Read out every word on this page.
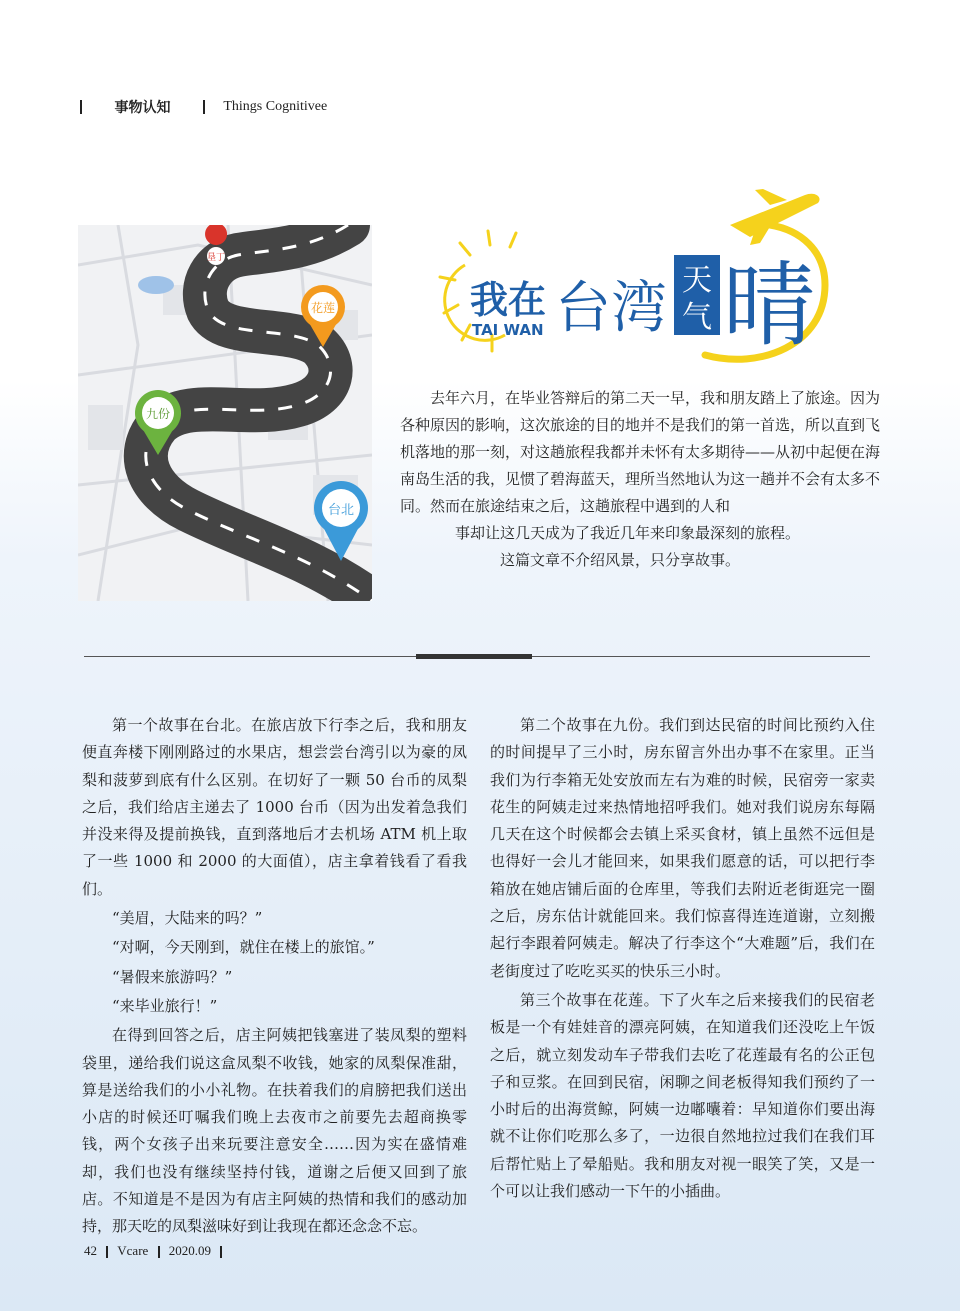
事物认知	Things Cognitivee
垦丁
花莲
九份
台北
我在
TAI WAN 台湾 天
气 晴

去年六月，在毕业答辩后的第二天一早，我和朋友踏上了旅途。因为各种原因的影响，这次旅途的目的地并不是我们的第一首选，所以直到飞机落地的那一刻，对这趟旅程我都并未怀有太多期待——从初中起便在海南岛生活的我，见惯了碧海蓝天，理所当然地认为这一趟并不会有太多不同。然而在旅途结束之后，这趟旅程中遇到的人和

事却让这几天成为了我近几年来印象最深刻的旅程。

这篇文章不介绍风景，只分享故事。

第一个故事在台北。在旅店放下行李之后，我和朋友便直奔楼下刚刚路过的水果店，想尝尝台湾引以为豪的凤梨和菠萝到底有什么区别。在切好了一颗 50 台币的凤梨之后，我们给店主递去了 1000 台币（因为出发着急我们并没来得及提前换钱，直到落地后才去机场 ATM 机上取了一些 1000 和 2000 的大面值），店主拿着钱看了看我们。

“美眉，大陆来的吗？”

“对啊，今天刚到，就住在楼上的旅馆。”

“暑假来旅游吗？”

“来毕业旅行！”

在得到回答之后，店主阿姨把钱塞进了装凤梨的塑料袋里，递给我们说这盒凤梨不收钱，她家的凤梨保准甜，算是送给我们的小小礼物。在扶着我们的肩膀把我们送出小店的时候还叮嘱我们晚上去夜市之前要先去超商换零钱，两个女孩子出来玩要注意安全……因为实在盛情难却，我们也没有继续坚持付钱，道谢之后便又回到了旅店。不知道是不是因为有店主阿姨的热情和我们的感动加持，那天吃的凤梨滋味好到让我现在都还念念不忘。

第二个故事在九份。我们到达民宿的时间比预约入住的时间提早了三小时，房东留言外出办事不在家里。正当我们为行李箱无处安放而左右为难的时候，民宿旁一家卖花生的阿姨走过来热情地招呼我们。她对我们说房东每隔几天在这个时候都会去镇上采买食材，镇上虽然不远但是也得好一会儿才能回来，如果我们愿意的话，可以把行李箱放在她店铺后面的仓库里，等我们去附近老街逛完一圈之后，房东估计就能回来。我们惊喜得连连道谢，立刻搬起行李跟着阿姨走。解决了行李这个“大难题”后，我们在老街度过了吃吃买买的快乐三小时。

第三个故事在花莲。下了火车之后来接我们的民宿老板是一个有娃娃音的漂亮阿姨，在知道我们还没吃上午饭之后，就立刻发动车子带我们去吃了花莲最有名的公正包子和豆浆。在回到民宿，闲聊之间老板得知我们预约了一小时后的出海赏鲸，阿姨一边嘟囔着：早知道你们要出海就不让你们吃那么多了，一边很自然地拉过我们在我们耳后帮忙贴上了晕船贴。我和朋友对视一眼笑了笑，又是一个可以让我们感动一下午的小插曲。

42 Vcare 2020.09
